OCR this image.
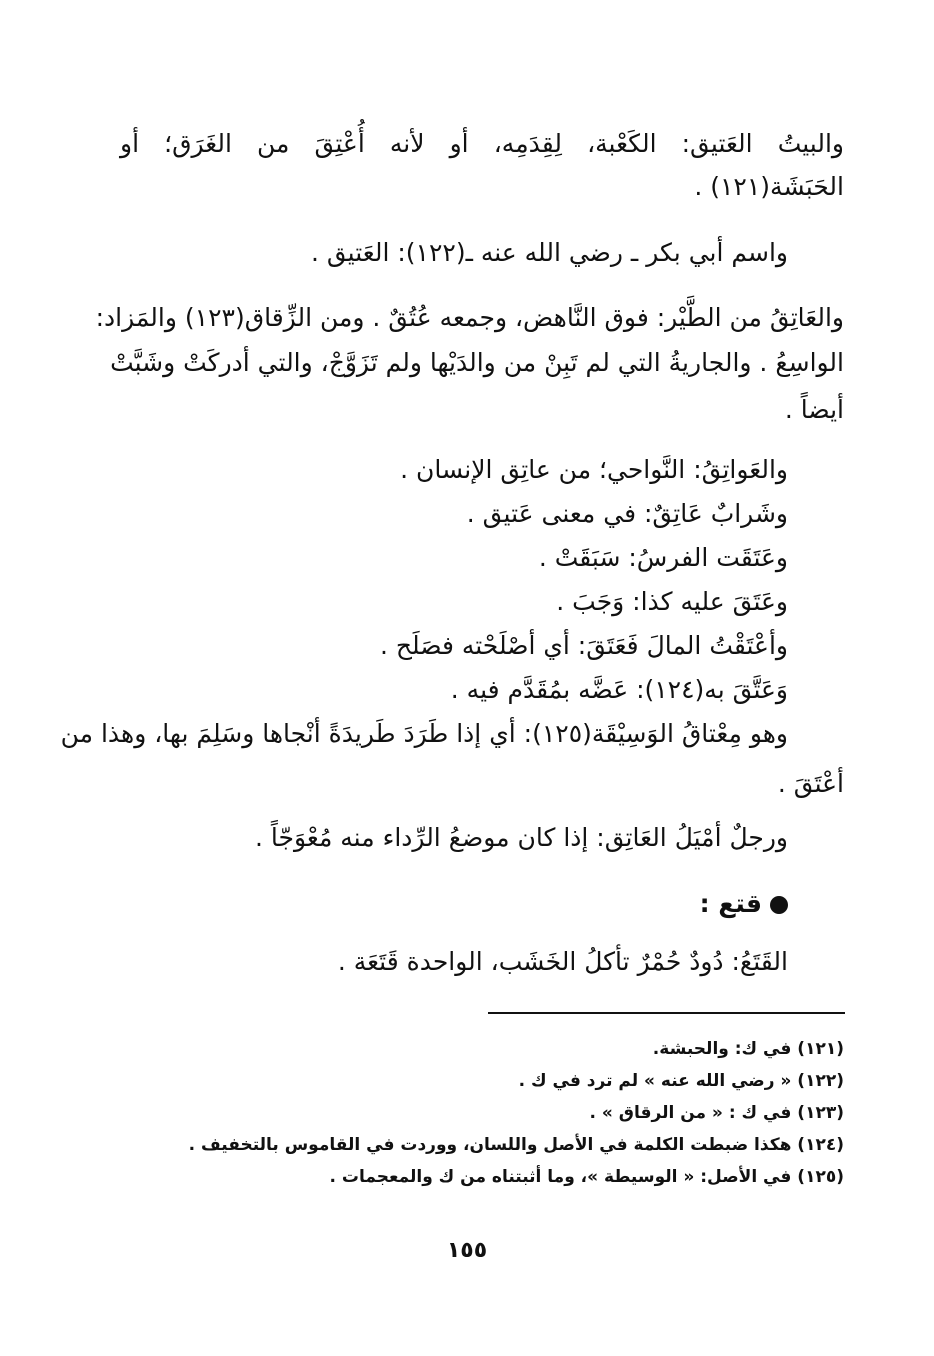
والبيتُ العَتيق: الكَعْبة، لِقِدَمِه، أو لأنه أُعْتِقَ من الغَرَق؛ أو
الحَبَشَة(١٢١) .
واسم أبي بكر ـ رضي الله عنه ـ(١٢٢): العَتيق .
والعَاتِقُ من الطَّيْر: فوق النَّاهض، وجمعه عُتُقٌ . ومن الزِّقاق(١٢٣) والمَزاد:
الواسِعُ . والجاريةُ التي لم تَبِنْ من والدَيْها ولم تَزَوَّجْ، والتي أدركَتْ وشَبَّتْ
أيضاً .
والعَواتِقُ: النَّواحي؛ من عاتِق الإنسان .
وشَرابٌ عَاتِقٌ: في معنى عَتيق .
وعَتَقَت الفرسُ: سَبَقَتْ .
وعَتَقَ عليه كذا: وَجَبَ .
وأعْتَقْتُ المالَ فَعَتَقَ: أي أصْلَحْته فصَلَح .
وَعَتَّقَ به(١٢٤): عَضَّه بمُقَدَّم فيه .
وهو مِعْتاقُ الوَسِيْقَة(١٢٥): أي إذا طَرَدَ طَريدَةً أنْجاها وسَلِمَ بها، وهذا من
أعْتَقَ .
ورجلٌ أمْيَلُ العَاتِق: إذا كان موضعُ الرِّداء منه مُعْوَجّاً .
قتع :
القَتَعُ: دُودٌ حُمْرٌ تأكلُ الخَشَب، الواحدة قَتَعَة .
(١٢١) في ك: والحبشة.
(١٢٢) « رضي الله عنه » لم ترد في ك .
(١٢٣) في ك : « من الرقاق » .
(١٢٤) هكذا ضبطت الكلمة في الأصل واللسان، ووردت في القاموس بالتخفيف .
(١٢٥) في الأصل: « الوسيطة »، وما أثبتناه من ك والمعجمات .
١٥٥
